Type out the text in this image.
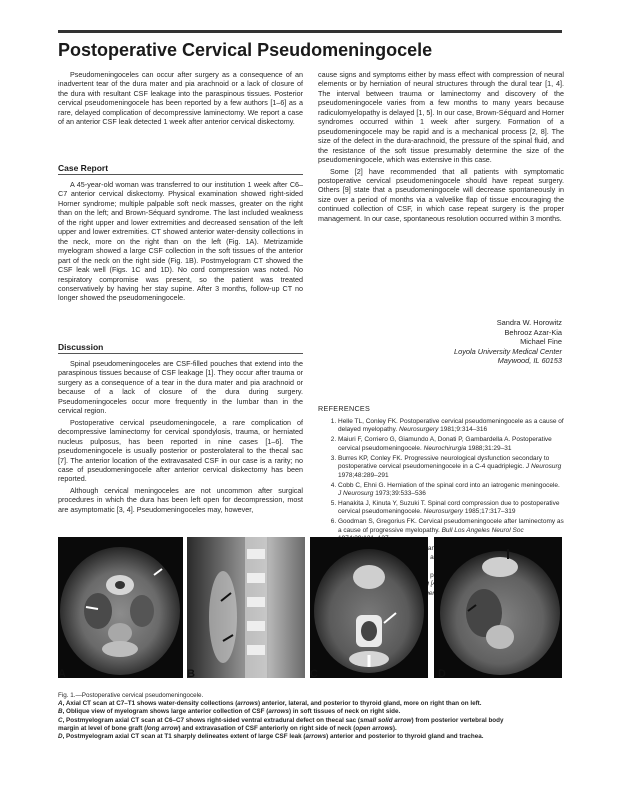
Postoperative Cervical Pseudomeningocele

Pseudomeningoceles can occur after surgery as a consequence of an inadvertent tear of the dura mater and pia arachnoid or a lack of closure of the dura with resultant CSF leakage into the paraspinous tissues. Posterior cervical pseudomeningocele has been reported by a few authors [1–6] as a rare, delayed complication of decompressive laminectomy. We report a case of an anterior CSF leak detected 1 week after anterior cervical diskectomy.

Case Report

A 45-year-old woman was transferred to our institution 1 week after C6–C7 anterior cervical diskectomy. Physical examination showed right-sided Horner syndrome; multiple palpable soft neck masses, greater on the right than on the left; and Brown-Séquard syndrome. The last included weakness of the right upper and lower extremities and decreased sensation of the left upper and lower extremities. CT showed anterior water-density collections in the neck, more on the right than on the left (Fig. 1A). Metrizamide myelogram showed a large CSF collection in the soft tissues of the anterior part of the neck on the right side (Fig. 1B). Postmyelogram CT showed the CSF leak well (Figs. 1C and 1D). No cord compression was noted. No respiratory compromise was present, so the patient was treated conservatively by having her stay supine. After 3 months, follow-up CT no longer showed the pseudomeningocele.

Discussion

Spinal pseudomeningoceles are CSF-filled pouches that extend into the paraspinous tissues because of CSF leakage [1]. They occur after trauma or surgery as a consequence of a tear in the dura mater and pia arachnoid or because of a lack of closure of the dura during surgery. Pseudomeningoceles occur more frequently in the lumbar than in the cervical region.

Postoperative cervical pseudomeningocele, a rare complication of decompressive laminectomy for cervical spondylosis, trauma, or herniated nucleus pulposus, has been reported in nine cases [1–6]. The pseudomeningocele is usually posterior or posterolateral to the thecal sac [7]. The anterior location of the extravasated CSF in our case is a rarity; no case of pseudomeningocele after anterior cervical diskectomy has been reported.

Although cervical meningoceles are not uncommon after surgical procedures in which the dura has been left open for decompression, most are asymptomatic [3, 4]. Pseudomeningoceles may, however,

cause signs and symptoms either by mass effect with compression of neural elements or by herniation of neural structures through the dural tear [1, 4]. The interval between trauma or laminectomy and discovery of the pseudomeningocele varies from a few months to many years because radiculomyelopathy is delayed [1, 5]. In our case, Brown-Séquard and Horner syndromes occurred within 1 week after surgery. Formation of a pseudomeningocele may be rapid and is a mechanical process [2, 8]. The size of the defect in the dura-arachnoid, the pressure of the spinal fluid, and the resistance of the soft tissue presumably determine the size of the pseudomeningocele, which was extensive in this case.

Some [2] have recommended that all patients with symptomatic postoperative cervical pseudomeningocele should have repeat surgery. Others [9] state that a pseudomeningocele will decrease spontaneously in size over a period of months via a valvelike flap of tissue encouraging the continued collection of CSF, in which case repeat surgery is the proper management. In our case, spontaneous resolution occurred within 3 months.

Sandra W. Horowitz
Behrooz Azar-Kia
Michael Fine
Loyola University Medical Center
Maywood, IL 60153
REFERENCES
1. Helle TL, Conley FK. Postoperative cervical pseudomeningocele as a cause of delayed myelopathy. Neurosurgery 1981;9:314–316
2. Maiuri F, Corriero G, Giamundo A, Donati P, Gambardella A. Postoperative cervical pseudomeningocele. Neurochirurgia 1988;31:29–31
3. Burres KP, Conley FK. Progressive neurological dysfunction secondary to postoperative cervical pseudomeningocele in a C-4 quadriplegic. J Neurosurg 1978;48:289–291
4. Cobb C, Ehni G. Herniation of the spinal cord into an iatrogenic meningocele. J Neurosurg 1973;39:533–536
5. Hanakita J, Kinuta Y, Suzuki T. Spinal cord compression due to postoperative cervical pseudomeningocele. Neurosurgery 1985;17:317–319
6. Goodman S, Gregorius FK. Cervical pseudomeningocele after laminectomy as a cause of progressive myelopathy. Bull Los Angeles Neurol Soc
7.
8.
9.
A	B	C	D
Fig. 1.—Postoperative cervical pseudomeningocele.
A, Axial CT scan at C7–T1 shows water-density collections (arrows) anterior, lateral, and posterior to thyroid gland, more on right than on left.
B, Oblique view of myelogram shows large anterior collection of CSF (arrows) in soft tissues of neck on right side.
C, Postmyelogram axial CT scan at C6–C7 shows right-sided ventral extradural defect on thecal sac (small solid arrow) from posterior vertebral body
margin at level of bone graft (long arrow) and extravasation of CSF anteriorly on right side of neck (open arrows).
D, Postmyelogram axial CT scan at T1 sharply delineates extent of large CSF leak (arrows) anterior and posterior to thyroid gland and trachea.
